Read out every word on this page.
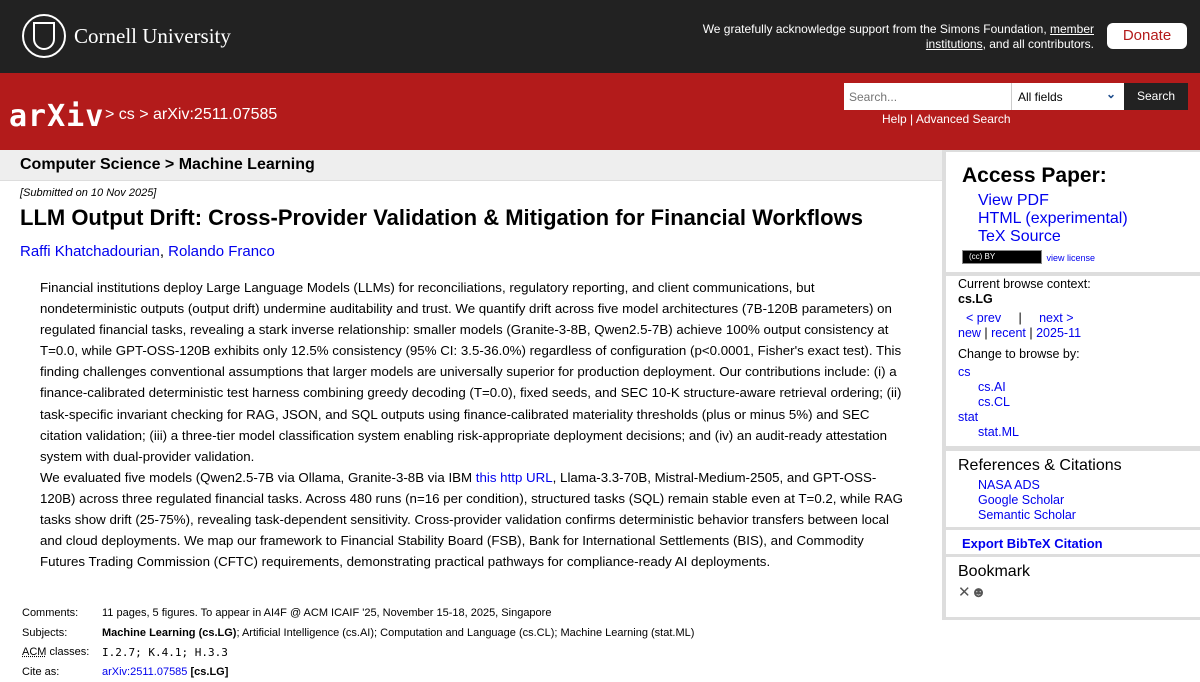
Cornell University	We gratefully acknowledge support from the Simons Foundation, member institutions, and all contributors.	Donate
arXiv > cs > arXiv:2511.07585
Search...
All fields	⌄	Search
Help | Advanced Search
Computer Science > Machine Learning
[Submitted on 10 Nov 2025]
LLM Output Drift: Cross-Provider Validation & Mitigation for Financial Workflows
Raffi Khatchadourian, Rolando Franco
Financial institutions deploy Large Language Models (LLMs) for reconciliations, regulatory reporting, and client communications, but nondeterministic outputs (output drift) undermine auditability and trust. We quantify drift across five model architectures (7B-120B parameters) on regulated financial tasks, revealing a stark inverse relationship: smaller models (Granite-3-8B, Qwen2.5-7B) achieve 100% output consistency at T=0.0, while GPT-OSS-120B exhibits only 12.5% consistency (95% CI: 3.5-36.0%) regardless of configuration (p<0.0001, Fisher's exact test). This finding challenges conventional assumptions that larger models are universally superior for production deployment. Our contributions include: (i) a finance-calibrated deterministic test harness combining greedy decoding (T=0.0), fixed seeds, and SEC 10-K structure-aware retrieval ordering; (ii) task-specific invariant checking for RAG, JSON, and SQL outputs using finance-calibrated materiality thresholds (plus or minus 5%) and SEC citation validation; (iii) a three-tier model classification system enabling risk-appropriate deployment decisions; and (iv) an audit-ready attestation system with dual-provider validation.
We evaluated five models (Qwen2.5-7B via Ollama, Granite-3-8B via IBM this http URL, Llama-3.3-70B, Mistral-Medium-2505, and GPT-OSS-120B) across three regulated financial tasks. Across 480 runs (n=16 per condition), structured tasks (SQL) remain stable even at T=0.2, while RAG tasks show drift (25-75%), revealing task-dependent sensitivity. Cross-provider validation confirms deterministic behavior transfers between local and cloud deployments. We map our framework to Financial Stability Board (FSB), Bank for International Settlements (BIS), and Commodity Futures Trading Commission (CFTC) requirements, demonstrating practical pathways for compliance-ready AI deployments.
Comments:	11 pages, 5 figures. To appear in AI4F @ ACM ICAIF '25, November 15-18, 2025, Singapore
Subjects:	Machine Learning (cs.LG); Artificial Intelligence (cs.AI); Computation and Language (cs.CL); Machine Learning (stat.ML)
ACM classes:	I.2.7; K.4.1; H.3.3
Cite as:	arXiv:2511.07585 [cs.LG]
Access Paper:
View PDF
HTML (experimental)
TeX Source
(cc) BY	view license
Current browse context:
cs.LG
< prev | next >
new | recent | 2025-11
Change to browse by:
cs
cs.AI
cs.CL
stat
stat.ML
References & Citations
NASA ADS
Google Scholar
Semantic Scholar
Export BibTeX Citation
Bookmark
✕☻
